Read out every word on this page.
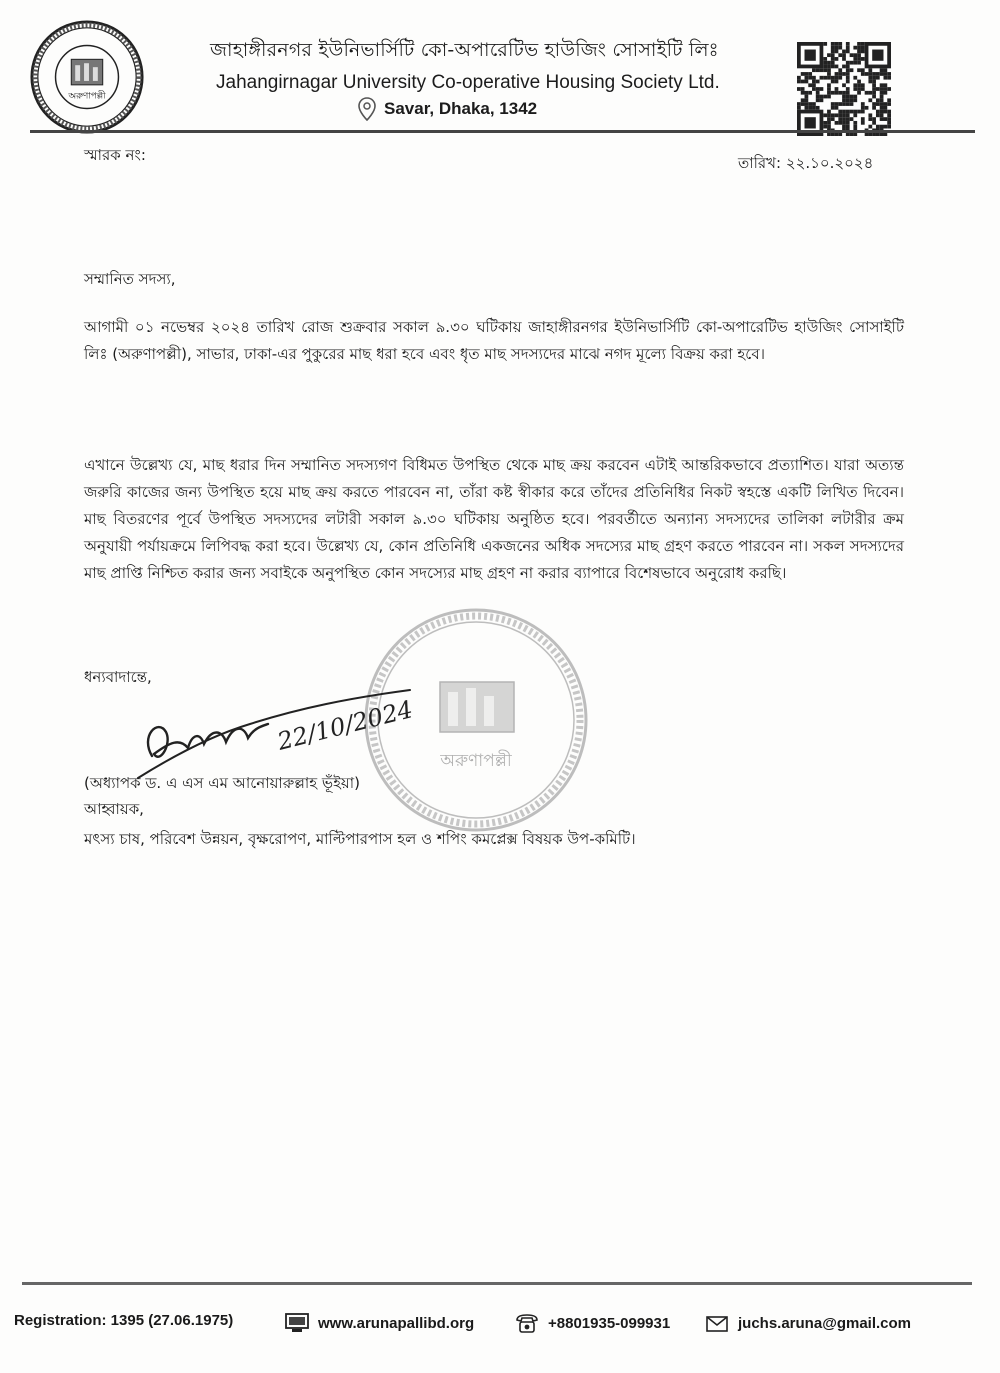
অরুণাপল্লী
জাহাঙ্গীরনগর ইউনিভার্সিটি কো-অপারেটিভ হাউজিং সোসাইটি লিঃ
Jahangirnagar University Co-operative Housing Society Ltd.
Savar, Dhaka, 1342
স্মারক নং:	তারিখ: ২২.১০.২০২৪
সম্মানিত সদস্য,

আগামী ০১ নভেম্বর ২০২৪ তারিখ রোজ শুক্রবার সকাল ৯.৩০ ঘটিকায় জাহাঙ্গীরনগর ইউনিভার্সিটি কো-অপারেটিভ হাউজিং সোসাইটি লিঃ (অরুণাপল্লী), সাভার, ঢাকা-এর পুকুরের মাছ ধরা হবে এবং ধৃত মাছ সদস্যদের মাঝে নগদ মূল্যে বিক্রয় করা হবে।

এখানে উল্লেখ্য যে, মাছ ধরার দিন সম্মানিত সদস্যগণ বিধিমত উপস্থিত থেকে মাছ ক্রয় করবেন এটাই আন্তরিকভাবে প্রত্যাশিত। যারা অত্যন্ত জরুরি কাজের জন্য উপস্থিত হয়ে মাছ ক্রয় করতে পারবেন না, তাঁরা কষ্ট স্বীকার করে তাঁদের প্রতিনিধির নিকট স্বহস্তে একটি লিখিত দিবেন। মাছ বিতরণের পূর্বে উপস্থিত সদস্যদের লটারী সকাল ৯.৩০ ঘটিকায় অনুষ্ঠিত হবে। পরবর্তীতে অন্যান্য সদস্যদের তালিকা লটারীর ক্রম অনুযায়ী পর্যায়ক্রমে লিপিবদ্ধ করা হবে। উল্লেখ্য যে, কোন প্রতিনিধি একজনের অধিক সদস্যের মাছ গ্রহণ করতে পারবেন না। সকল সদস্যদের মাছ প্রাপ্তি নিশ্চিত করার জন্য সবাইকে অনুপস্থিত কোন সদস্যের মাছ গ্রহণ না করার ব্যাপারে বিশেষভাবে অনুরোধ করছি।

অরুণাপল্লী
ধন্যবাদান্তে,
22/10/2024
(অধ্যাপক ড. এ এস এম আনোয়ারুল্লাহ ভূঁইয়া)
আহ্বায়ক,
মৎস্য চাষ, পরিবেশ উন্নয়ন, বৃক্ষরোপণ, মাল্টিপারপাস হল ও শপিং কমপ্লেক্স বিষয়ক উপ-কমিটি।
Registration: 1395 (27.06.1975)	www.arunapallibd.org	+8801935-099931	juchs.aruna@gmail.com
